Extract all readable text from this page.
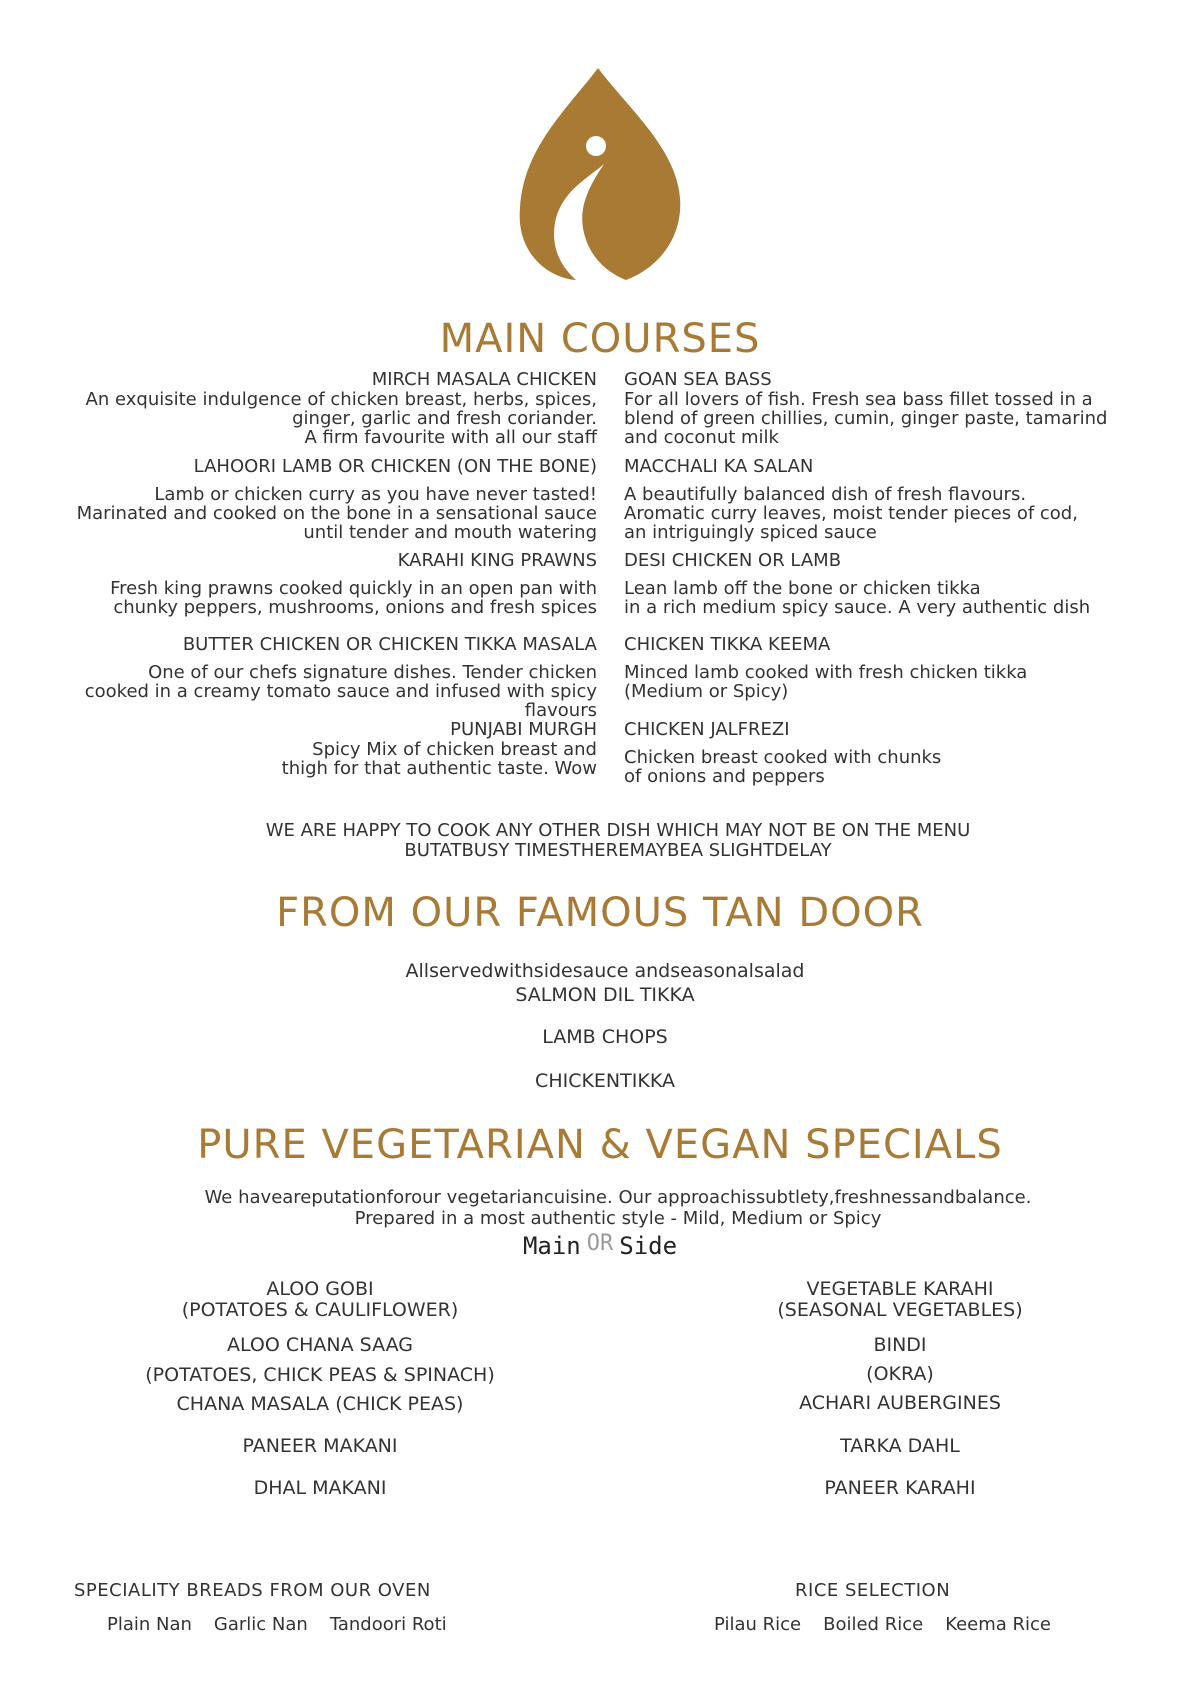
MAIN COURSES
MIRCH MASALA CHICKEN
An exquisite indulgence of chicken breast, herbs, spices,
ginger, garlic and fresh coriander.
A firm favourite with all our staff
LAHOORI LAMB OR CHICKEN (ON THE BONE)
Lamb or chicken curry as you have never tasted!
Marinated and cooked on the bone in a sensational sauce
until tender and mouth watering
KARAHI KING PRAWNS
Fresh king prawns cooked quickly in an open pan with
chunky peppers, mushrooms, onions and fresh spices
BUTTER CHICKEN OR CHICKEN TIKKA MASALA
One of our chefs signature dishes. Tender chicken
cooked in a creamy tomato sauce and infused with spicy
flavours
PUNJABI MURGH
Spicy Mix of chicken breast and
thigh for that authentic taste. Wow
GOAN SEA BASS
For all lovers of fish. Fresh sea bass fillet tossed in a
blend of green chillies, cumin, ginger paste, tamarind
and coconut milk
MACCHALI KA SALAN
A beautifully balanced dish of fresh flavours.
Aromatic curry leaves, moist tender pieces of cod,
an intriguingly spiced sauce
DESI CHICKEN OR LAMB
Lean lamb off the bone or chicken tikka
in a rich medium spicy sauce. A very authentic dish
CHICKEN TIKKA KEEMA
Minced lamb cooked with fresh chicken tikka
(Medium or Spicy)
CHICKEN JALFREZI
Chicken breast cooked with chunks
of onions and peppers
WE ARE HAPPY TO COOK ANY OTHER DISH WHICH MAY NOT BE ON THE MENU
BUTATBUSY TIMESTHEREMAYBEA SLIGHTDELAY
FROM OUR FAMOUS TAN DOOR
Allservedwithsidesauce andseasonalsalad
SALMON DIL TIKKA
LAMB CHOPS
CHICKENTIKKA
PURE VEGETARIAN & VEGAN SPECIALS
We haveareputationforour vegetariancuisine. Our approachissubtlety,freshnessandbalance.
Prepared in a most authentic style - Mild, Medium or Spicy
Main OR Side
ALOO GOBI
(POTATOES & CAULIFLOWER)
ALOO CHANA SAAG
(POTATOES, CHICK PEAS & SPINACH)
CHANA MASALA (CHICK PEAS)
PANEER MAKANI
DHAL MAKANI
VEGETABLE KARAHI
(SEASONAL VEGETABLES)
BINDI
(OKRA)
ACHARI AUBERGINES
TARKA DAHL
PANEER KARAHI
SPECIALITY BREADS FROM OUR OVEN
Plain Nan Garlic Nan Tandoori Roti
RICE SELECTION
Pilau Rice Boiled Rice Keema Rice
